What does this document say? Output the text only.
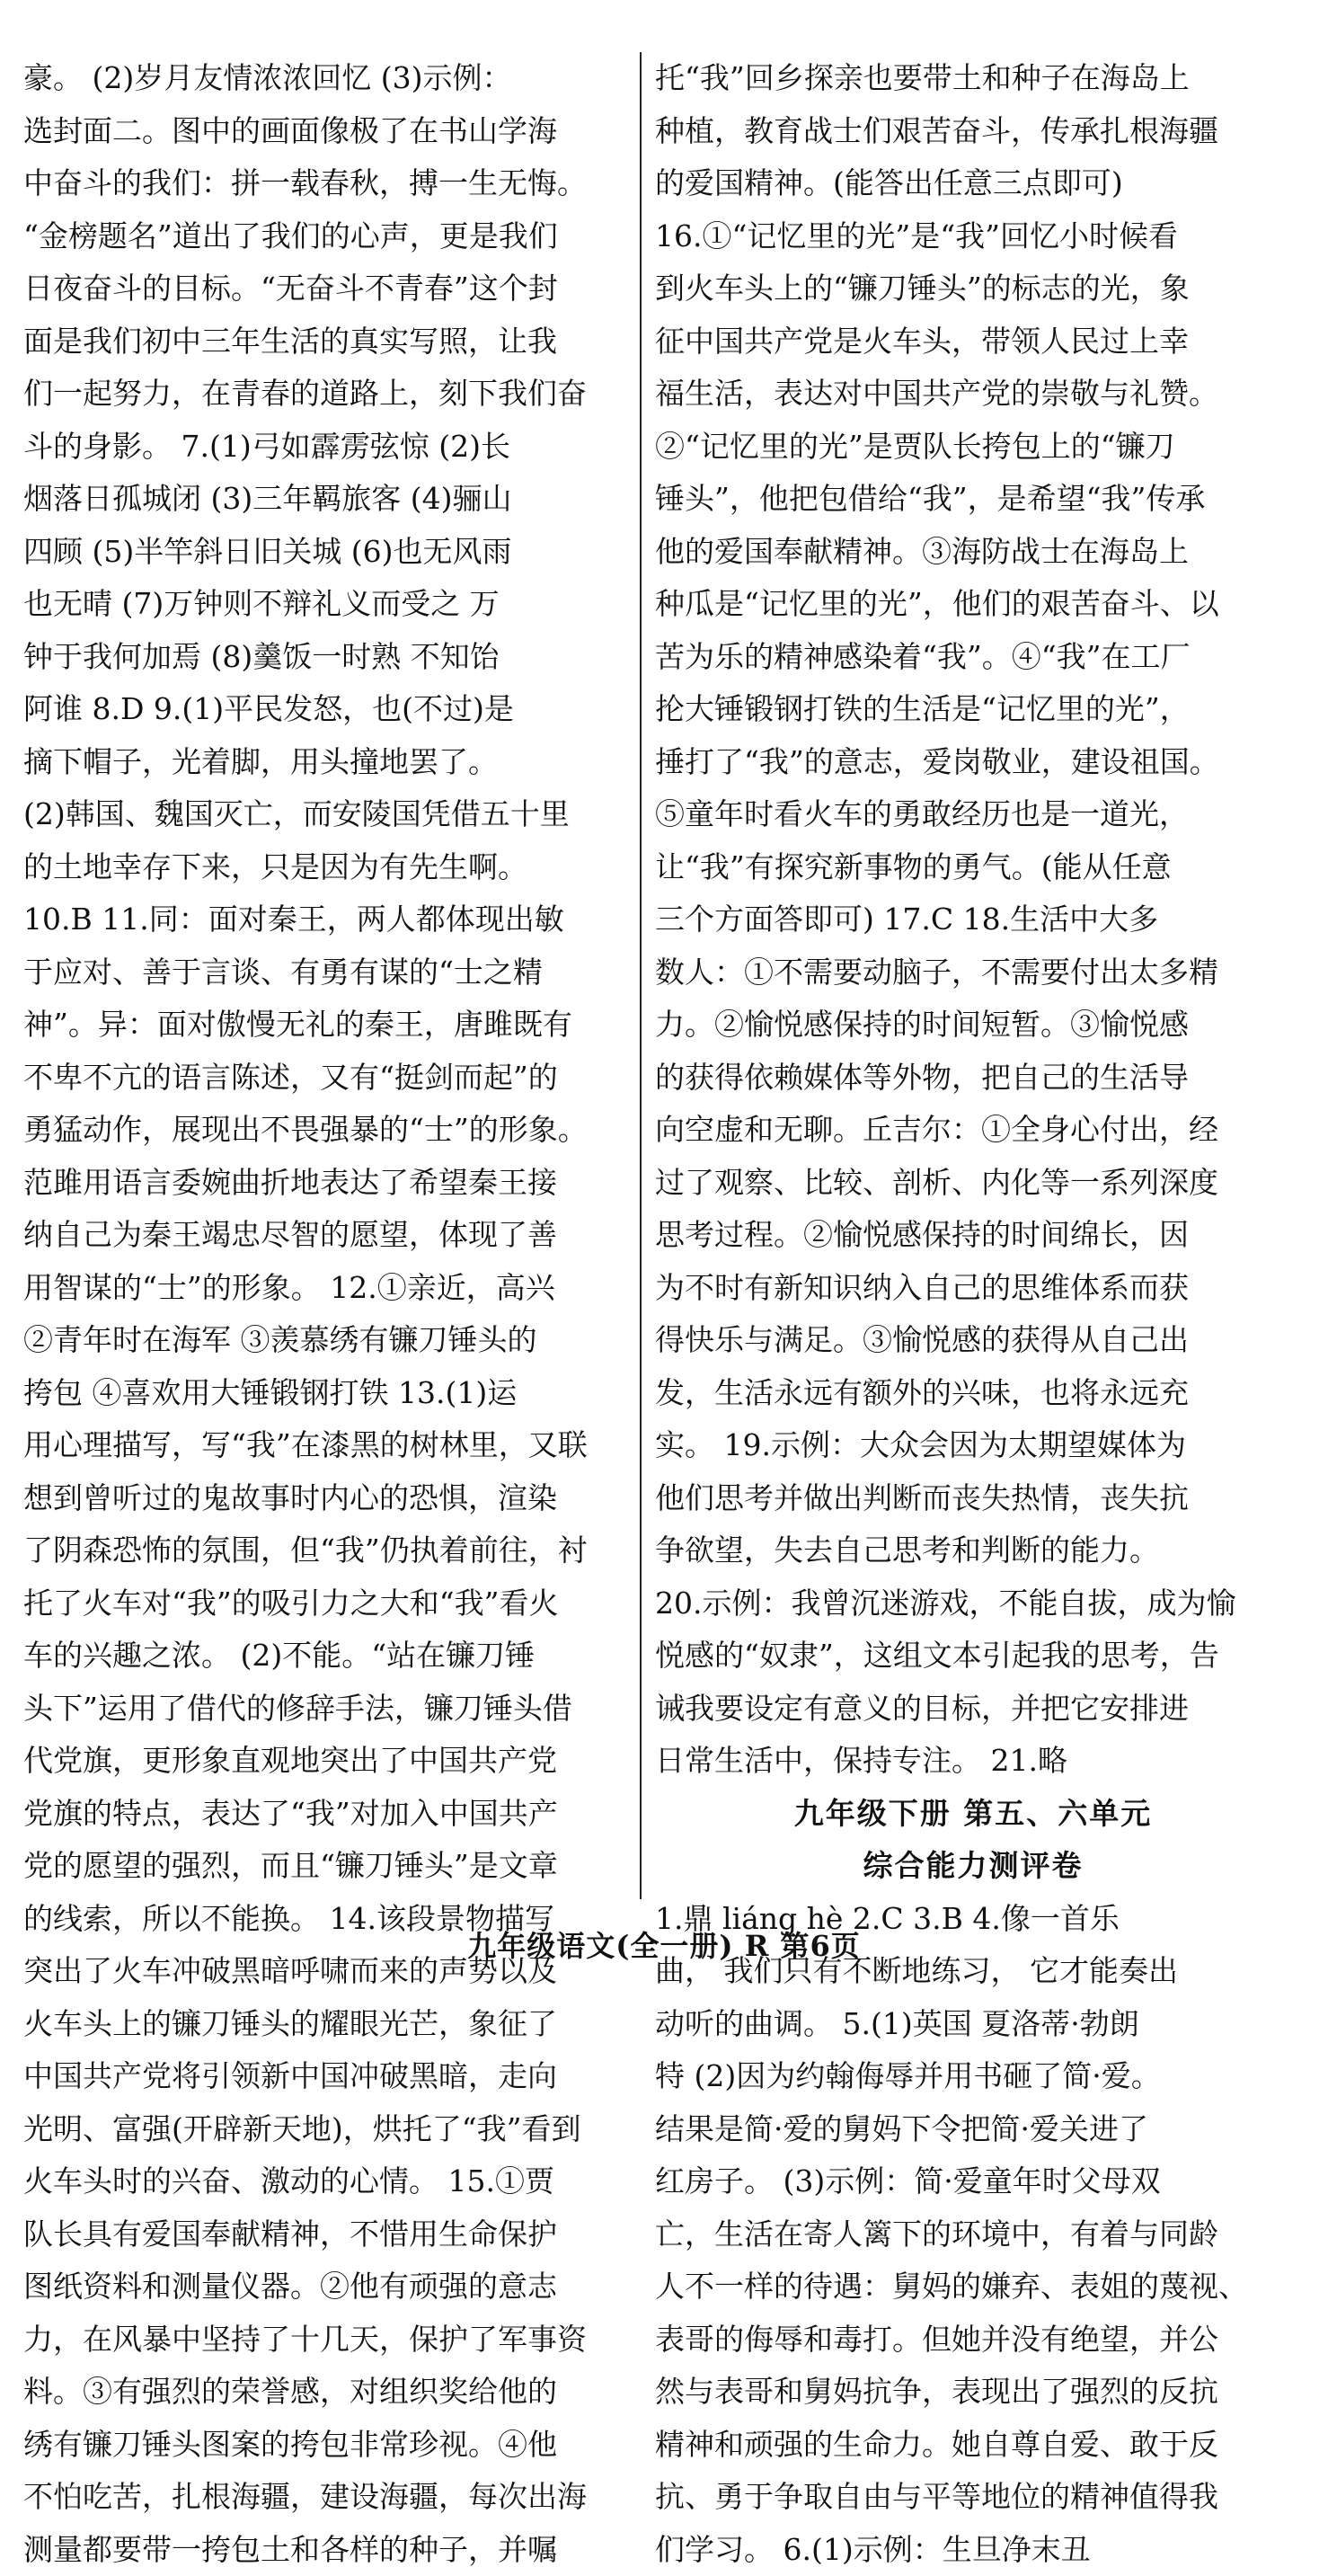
豪。 (2)岁月友情浓浓回忆 (3)示例：
选封面二。图中的画面像极了在书山学海
中奋斗的我们：拼一载春秋，搏一生无悔。
“金榜题名”道出了我们的心声，更是我们
日夜奋斗的目标。“无奋斗不青春”这个封
面是我们初中三年生活的真实写照，让我
们一起努力，在青春的道路上，刻下我们奋
斗的身影。 7.(1)弓如霹雳弦惊 (2)长
烟落日孤城闭 (3)三年羁旅客 (4)骊山
四顾 (5)半竿斜日旧关城 (6)也无风雨
也无晴 (7)万钟则不辩礼义而受之 万
钟于我何加焉 (8)羹饭一时熟 不知饴
阿谁 8.D 9.(1)平民发怒，也(不过)是
摘下帽子，光着脚，用头撞地罢了。
(2)韩国、魏国灭亡，而安陵国凭借五十里
的土地幸存下来，只是因为有先生啊。
10.B 11.同：面对秦王，两人都体现出敏
于应对、善于言谈、有勇有谋的“士之精
神”。异：面对傲慢无礼的秦王，唐雎既有
不卑不亢的语言陈述，又有“挺剑而起”的
勇猛动作，展现出不畏强暴的“士”的形象。
范雎用语言委婉曲折地表达了希望秦王接
纳自己为秦王竭忠尽智的愿望，体现了善
用智谋的“士”的形象。 12.①亲近，高兴
②青年时在海军 ③羡慕绣有镰刀锤头的
挎包 ④喜欢用大锤锻钢打铁 13.(1)运
用心理描写，写“我”在漆黑的树林里，又联
想到曾听过的鬼故事时内心的恐惧，渲染
了阴森恐怖的氛围，但“我”仍执着前往，衬
托了火车对“我”的吸引力之大和“我”看火
车的兴趣之浓。 (2)不能。“站在镰刀锤
头下”运用了借代的修辞手法，镰刀锤头借
代党旗，更形象直观地突出了中国共产党
党旗的特点，表达了“我”对加入中国共产
党的愿望的强烈，而且“镰刀锤头”是文章
的线索，所以不能换。 14.该段景物描写
突出了火车冲破黑暗呼啸而来的声势以及
火车头上的镰刀锤头的耀眼光芒，象征了
中国共产党将引领新中国冲破黑暗，走向
光明、富强(开辟新天地)，烘托了“我”看到
火车头时的兴奋、激动的心情。 15.①贾
队长具有爱国奉献精神，不惜用生命保护
图纸资料和测量仪器。②他有顽强的意志
力，在风暴中坚持了十几天，保护了军事资
料。③有强烈的荣誉感，对组织奖给他的
绣有镰刀锤头图案的挎包非常珍视。④他
不怕吃苦，扎根海疆，建设海疆，每次出海
测量都要带一挎包土和各样的种子，并嘱
托“我”回乡探亲也要带土和种子在海岛上
种植，教育战士们艰苦奋斗，传承扎根海疆
的爱国精神。(能答出任意三点即可)
16.①“记忆里的光”是“我”回忆小时候看
到火车头上的“镰刀锤头”的标志的光，象
征中国共产党是火车头，带领人民过上幸
福生活，表达对中国共产党的崇敬与礼赞。
②“记忆里的光”是贾队长挎包上的“镰刀
锤头”，他把包借给“我”，是希望“我”传承
他的爱国奉献精神。③海防战士在海岛上
种瓜是“记忆里的光”，他们的艰苦奋斗、以
苦为乐的精神感染着“我”。④“我”在工厂
抡大锤锻钢打铁的生活是“记忆里的光”，
捶打了“我”的意志，爱岗敬业，建设祖国。
⑤童年时看火车的勇敢经历也是一道光，
让“我”有探究新事物的勇气。(能从任意
三个方面答即可) 17.C 18.生活中大多
数人：①不需要动脑子，不需要付出太多精
力。②愉悦感保持的时间短暂。③愉悦感
的获得依赖媒体等外物，把自己的生活导
向空虚和无聊。丘吉尔：①全身心付出，经
过了观察、比较、剖析、内化等一系列深度
思考过程。②愉悦感保持的时间绵长，因
为不时有新知识纳入自己的思维体系而获
得快乐与满足。③愉悦感的获得从自己出
发，生活永远有额外的兴味，也将永远充
实。 19.示例：大众会因为太期望媒体为
他们思考并做出判断而丧失热情，丧失抗
争欲望，失去自己思考和判断的能力。
20.示例：我曾沉迷游戏，不能自拔，成为愉
悦感的“奴隶”，这组文本引起我的思考，告
诫我要设定有意义的目标，并把它安排进
日常生活中，保持专注。 21.略
九年级下册 第五、六单元
综合能力测评卷
1.鼎 liáng hè 2.C 3.B 4.像一首乐
曲， 我们只有不断地练习， 它才能奏出
动听的曲调。 5.(1)英国 夏洛蒂·勃朗
特 (2)因为约翰侮辱并用书砸了简·爱。
结果是简·爱的舅妈下令把简·爱关进了
红房子。 (3)示例：简·爱童年时父母双
亡，生活在寄人篱下的环境中，有着与同龄
人不一样的待遇：舅妈的嫌弃、表姐的蔑视、
表哥的侮辱和毒打。但她并没有绝望，并公
然与表哥和舅妈抗争，表现出了强烈的反抗
精神和顽强的生命力。她自尊自爱、敢于反
抗、勇于争取自由与平等地位的精神值得我
们学习。 6.(1)示例：生旦净末丑
九年级语文(全一册) R 第6页
